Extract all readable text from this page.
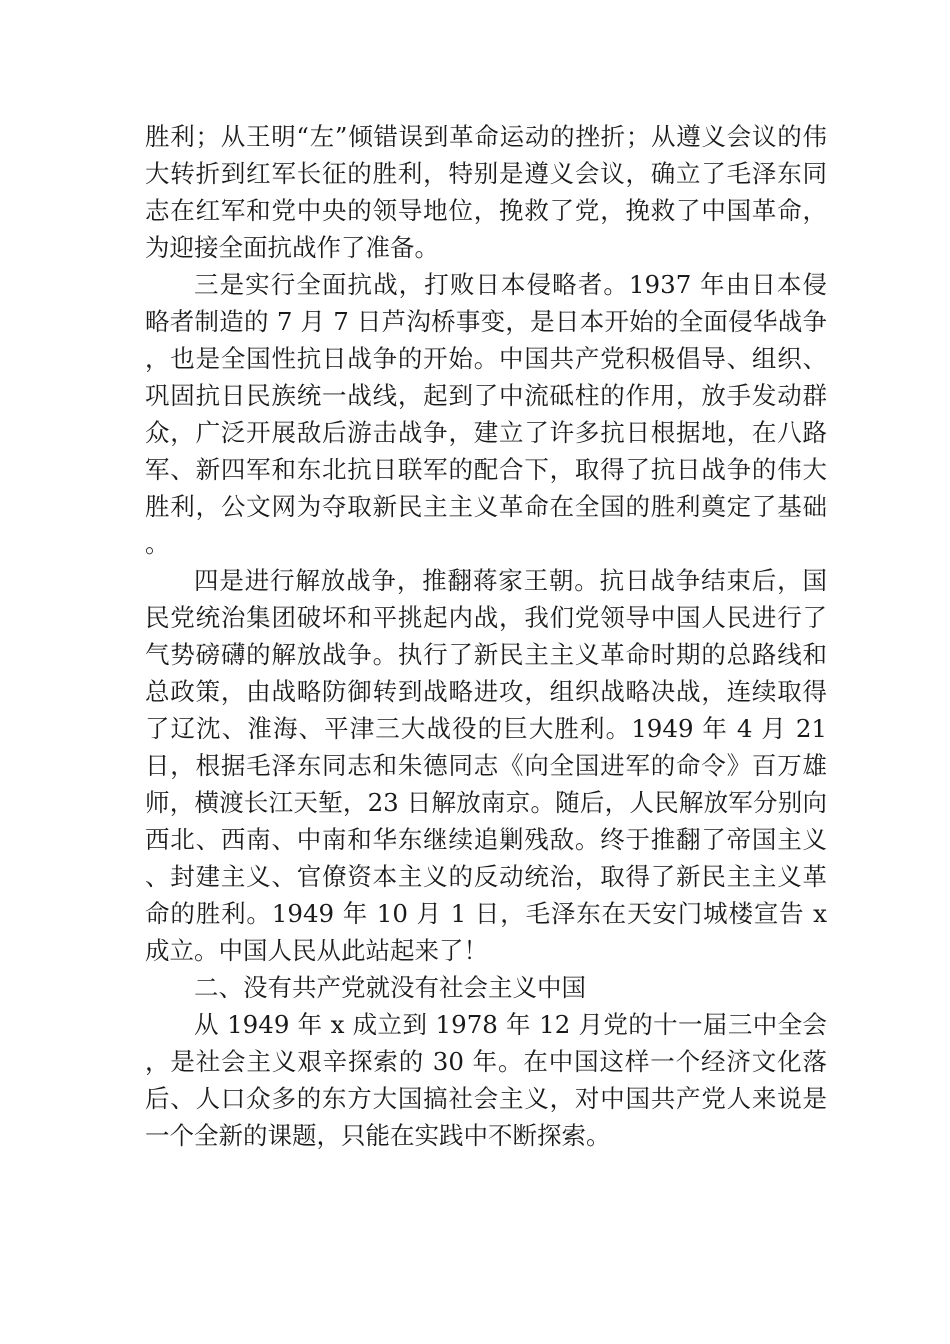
胜利；从王明“左”倾错误到革命运动的挫折；从遵义会议的伟大转折到红军长征的胜利，特别是遵义会议，确立了毛泽东同志在红军和党中央的领导地位，挽救了党，挽救了中国革命，为迎接全面抗战作了准备。

三是实行全面抗战，打败日本侵略者。1937 年由日本侵略者制造的 7 月 7 日芦沟桥事变，是日本开始的全面侵华战争，也是全国性抗日战争的开始。中国共产党积极倡导、组织、巩固抗日民族统一战线，起到了中流砥柱的作用，放手发动群众，广泛开展敌后游击战争，建立了许多抗日根据地，在八路军、新四军和东北抗日联军的配合下，取得了抗日战争的伟大胜利，公文网为夺取新民主主义革命在全国的胜利奠定了基础。

四是进行解放战争，推翻蒋家王朝。抗日战争结束后，国民党统治集团破坏和平挑起内战，我们党领导中国人民进行了气势磅礴的解放战争。执行了新民主主义革命时期的总路线和总政策，由战略防御转到战略进攻，组织战略决战，连续取得了辽沈、淮海、平津三大战役的巨大胜利。1949 年 4 月 21 日，根据毛泽东同志和朱德同志《向全国进军的命令》百万雄师，横渡长江天堑，23 日解放南京。随后，人民解放军分别向西北、西南、中南和华东继续追剿残敌。终于推翻了帝国主义、封建主义、官僚资本主义的反动统治，取得了新民主主义革命的胜利。1949 年 10 月 1 日，毛泽东在天安门城楼宣告 x 成立。中国人民从此站起来了！

二、没有共产党就没有社会主义中国

从 1949 年 x 成立到 1978 年 12 月党的十一届三中全会，是社会主义艰辛探索的 30 年。在中国这样一个经济文化落后、人口众多的东方大国搞社会主义，对中国共产党人来说是一个全新的课题，只能在实践中不断探索。
